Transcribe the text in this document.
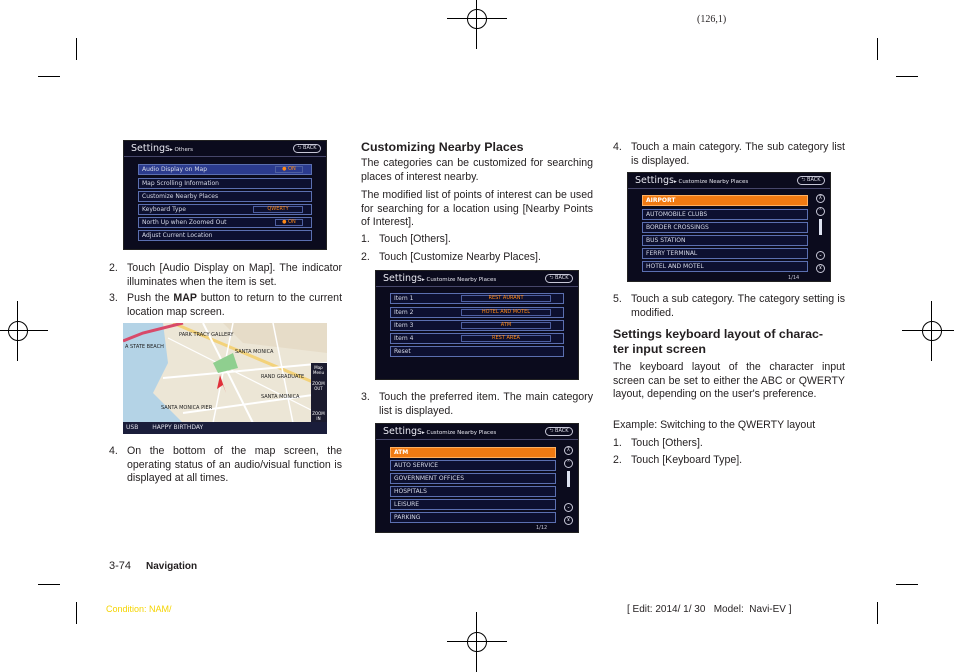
(126,1)
Settings▸ Others	⮌ BACK
Audio Display on Map	● ON
Map Scrolling Information
Customize Nearby Places
Keyboard Type	QWERTY
North Up when Zoomed Out	● ON
Adjust Current Location
2. Touch [Audio Display on Map]. The indicator illuminates when the item is set.
3. Push the MAP button to return to the current location map screen.
PARK TRACY GALLERY
SANTA MONICA
A STATE BEACH
RAND GRADUATE
SANTA MONICA
SANTA MONICA PIER
Map Menu
ZOOM OUT
ZOOM IN
USB HAPPY BIRTHDAY
4. On the bottom of the map screen, the operating status of an audio/visual function is displayed at all times.
Customizing Nearby Places

The categories can be customized for searching places of interest nearby.

The modified list of points of interest can be used for searching for a location using [Nearby Points of Interest].

1. Touch [Others].
2. Touch [Customize Nearby Places].
Settings▸ Customize Nearby Places	⮌ BACK
Item 1	REST AURANT
Item 2	HOTEL AND MOTEL
Item 3	ATM
Item 4	REST AREA
Reset
3. Touch the preferred item. The main category list is displayed.
Settings▸ Customize Nearby Places	⮌ BACK
ATM
AUTO SERVICE
GOVERNMENT OFFICES
HOSPITALS
LEISURE
PARKING
⊼
⌃
⌄
⊻
1/12
4. Touch a main category. The sub category list is displayed.
Settings▸ Customize Nearby Places	⮌ BACK
AIRPORT
AUTOMOBILE CLUBS
BORDER CROSSINGS
BUS STATION
FERRY TERMINAL
HOTEL AND MOTEL
⊼
⌃
⌄
⊻
1/14
5. Touch a sub category. The category setting is modified.
Settings keyboard layout of charac-
ter input screen

The keyboard layout of the character input screen can be set to either the ABC or QWERTY layout, depending on the user's preference.

Example: Switching to the QWERTY layout

1. Touch [Others].
2. Touch [Keyboard Type].
3-74 Navigation
Condition: NAM/	[ Edit: 2014/ 1/ 30   Model:  Navi-EV ]
